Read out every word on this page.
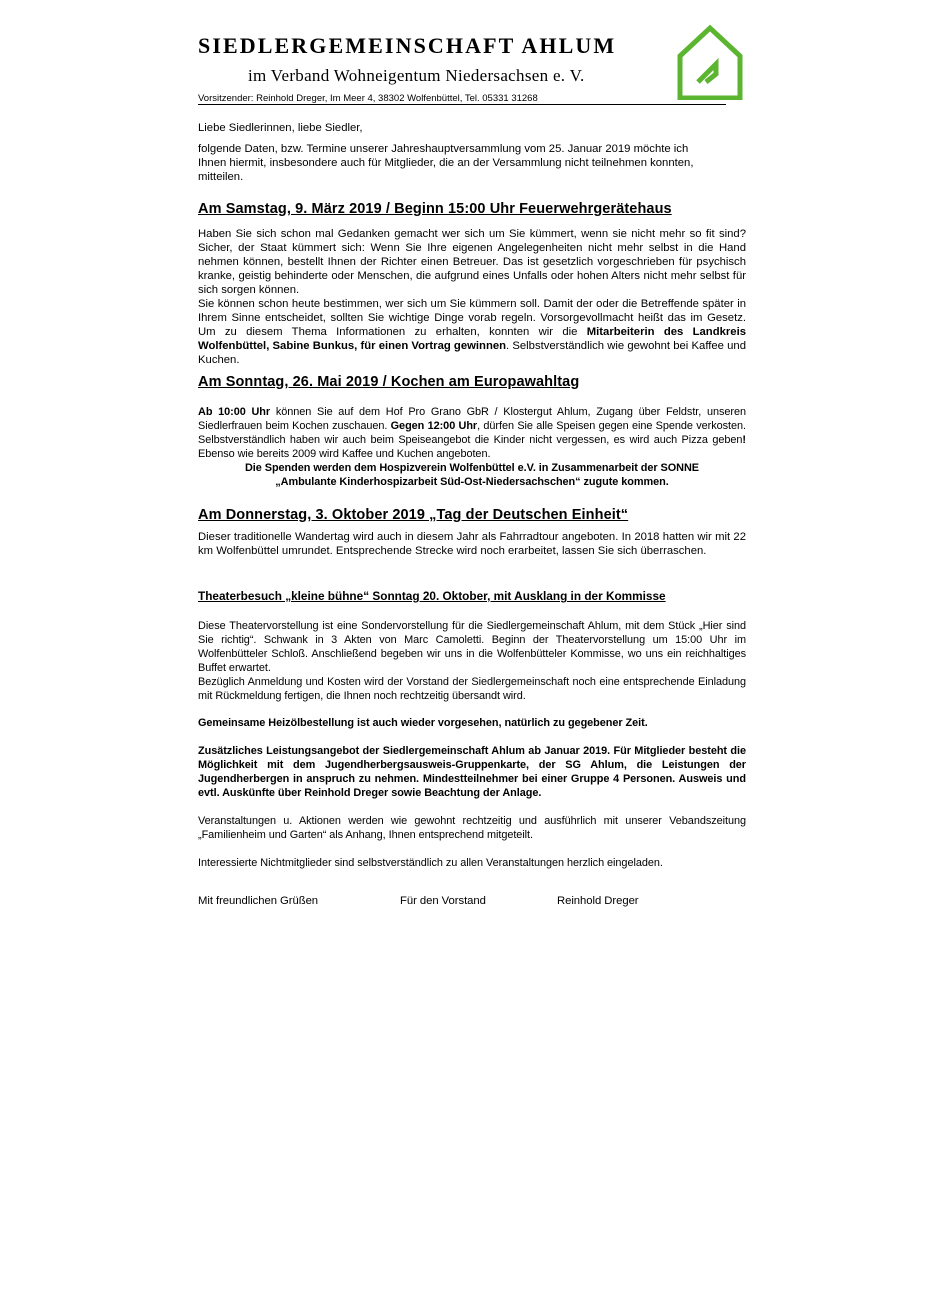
SIEDLERGEMEINSCHAFT AHLUM
im Verband Wohneigentum Niedersachsen e. V.
Vorsitzender: Reinhold Dreger, Im Meer 4, 38302 Wolfenbüttel, Tel. 05331 31268
Liebe Siedlerinnen, liebe Siedler,
folgende Daten, bzw. Termine unserer Jahreshauptversammlung vom 25. Januar 2019 möchte ich Ihnen hiermit, insbesondere auch für Mitglieder, die an der Versammlung nicht teilnehmen konnten, mitteilen.
Am Samstag, 9. März 2019 / Beginn 15:00 Uhr Feuerwehrgerätehaus
Haben Sie sich schon mal Gedanken gemacht wer sich um Sie kümmert, wenn sie nicht mehr so fit sind? Sicher, der Staat kümmert sich: Wenn Sie Ihre eigenen Angelegenheiten nicht mehr selbst in die Hand nehmen können, bestellt Ihnen der Richter einen Betreuer. Das ist gesetzlich vorgeschrieben für psychisch kranke, geistig behinderte oder Menschen, die aufgrund eines Unfalls oder hohen Alters nicht mehr selbst für sich sorgen können.
Sie können schon heute bestimmen, wer sich um Sie kümmern soll. Damit der oder die Betreffende später in Ihrem Sinne entscheidet, sollten Sie wichtige Dinge vorab regeln. Vorsorgevollmacht heißt das im Gesetz. Um zu diesem Thema Informationen zu erhalten, konnten wir die Mitarbeiterin des Landkreis Wolfenbüttel, Sabine Bunkus, für einen Vortrag gewinnen. Selbstverständlich wie gewohnt bei Kaffee und Kuchen.
Am Sonntag, 26. Mai 2019 / Kochen am Europawahltag
Ab 10:00 Uhr können Sie auf dem Hof Pro Grano GbR / Klostergut Ahlum, Zugang über Feldstr, unseren Siedlerfrauen beim Kochen zuschauen. Gegen 12:00 Uhr, dürfen Sie alle Speisen gegen eine Spende verkosten. Selbstverständlich haben wir auch beim Speiseangebot die Kinder nicht vergessen, es wird auch Pizza geben! Ebenso wie bereits 2009 wird Kaffee und Kuchen angeboten.
Die Spenden werden dem Hospizverein Wolfenbüttel e.V. in Zusammenarbeit der SONNE
„Ambulante Kinderhospizarbeit Süd-Ost-Niedersachschen“ zugute kommen.
Am Donnerstag, 3. Oktober 2019 „Tag der Deutschen Einheit“
Dieser traditionelle Wandertag wird auch in diesem Jahr als Fahrradtour angeboten. In 2018 hatten wir mit 22 km Wolfenbüttel umrundet. Entsprechende Strecke wird noch erarbeitet, lassen Sie sich überraschen.
Theaterbesuch „kleine bühne“ Sonntag 20. Oktober, mit Ausklang in der Kommisse
Diese Theatervorstellung ist eine Sondervorstellung für die Siedlergemeinschaft Ahlum, mit dem Stück „Hier sind Sie richtig“. Schwank in 3 Akten von Marc Camoletti. Beginn der Theatervorstellung um 15:00 Uhr im Wolfenbütteler Schloß. Anschließend begeben wir uns in die Wolfenbütteler Kommisse, wo uns ein reichhaltiges Buffet erwartet.
Bezüglich Anmeldung und Kosten wird der Vorstand der Siedlergemeinschaft noch eine entsprechende Einladung mit Rückmeldung fertigen, die Ihnen noch rechtzeitig übersandt wird.
Gemeinsame Heizölbestellung ist auch wieder vorgesehen, natürlich zu gegebener Zeit.
Zusätzliches Leistungsangebot der Siedlergemeinschaft Ahlum ab Januar 2019. Für Mitglieder besteht die Möglichkeit mit dem Jugendherbergsausweis-Gruppenkarte, der SG Ahlum, die Leistungen der Jugendherbergen in anspruch zu nehmen. Mindestteilnehmer bei einer Gruppe 4 Personen. Ausweis und evtl. Auskünfte über Reinhold Dreger sowie Beachtung der Anlage.
Veranstaltungen u. Aktionen werden wie gewohnt rechtzeitig und ausführlich mit unserer Vebandszeitung „Familienheim und Garten“ als Anhang, Ihnen entsprechend mitgeteilt.
Interessierte Nichtmitglieder sind selbstverständlich zu allen Veranstaltungen herzlich eingeladen.
Mit freundlichen Grüßen	Für den Vorstand	Reinhold Dreger
